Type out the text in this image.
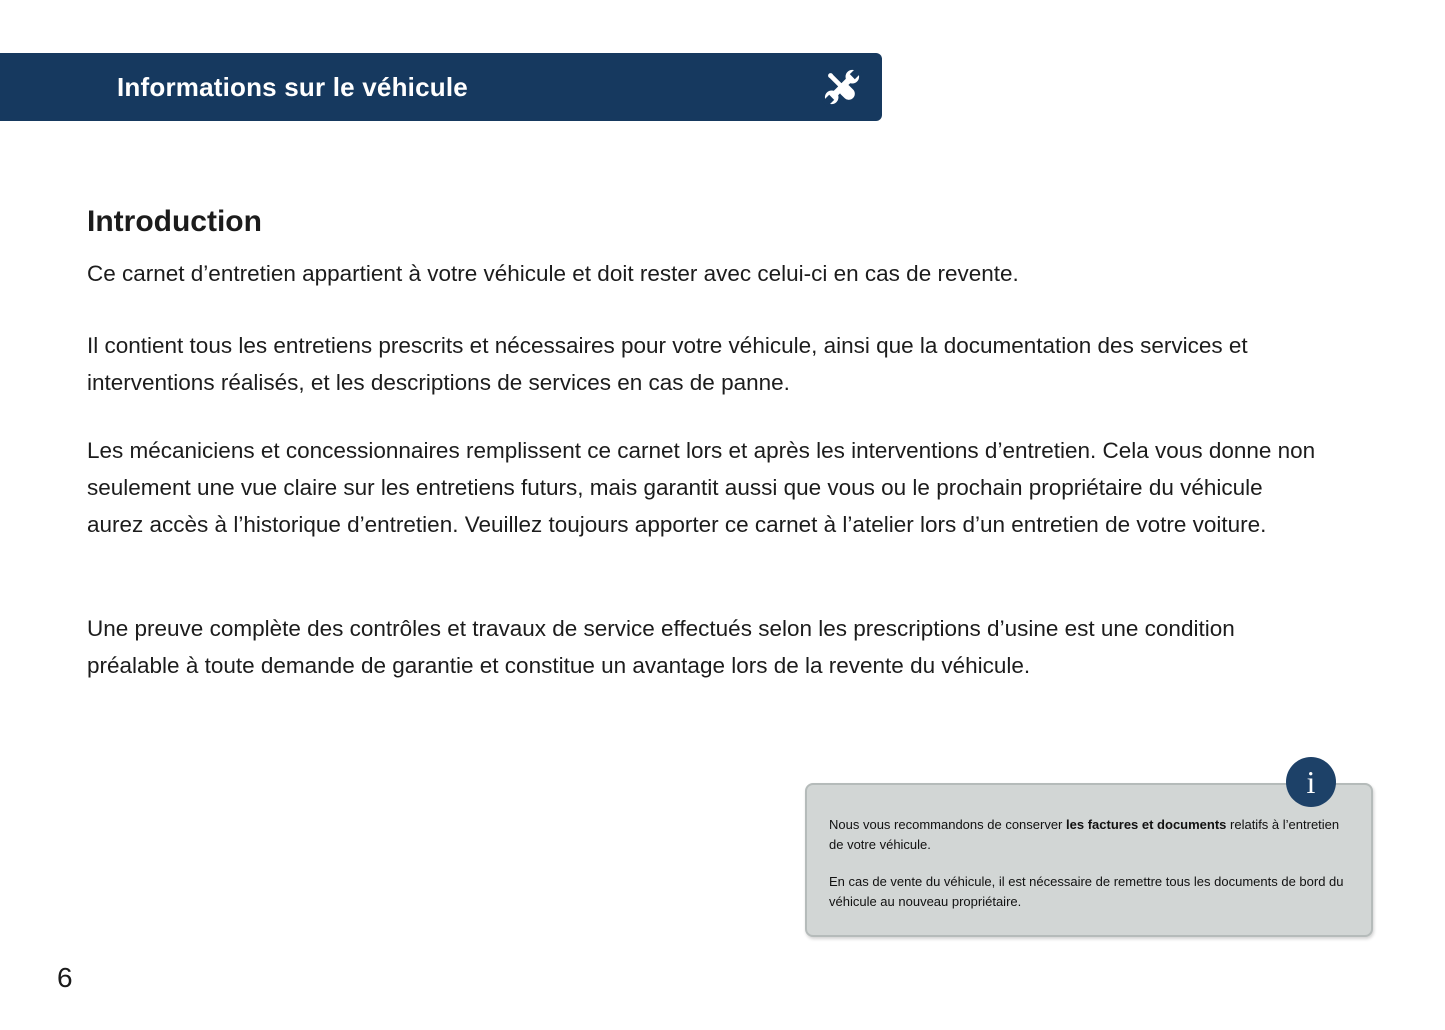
Informations sur le véhicule
Introduction

Ce carnet d’entretien appartient à votre véhicule et doit rester avec celui-ci en cas de revente.

Il contient tous les entretiens prescrits et nécessaires pour votre véhicule, ainsi que la documentation des services et interventions réalisés, et les descriptions de services en cas de panne.

Les mécaniciens et concessionnaires remplissent ce carnet lors et après les interventions d’entretien. Cela vous donne non seulement une vue claire sur les entretiens futurs, mais garantit aussi que vous ou le prochain propriétaire du véhicule aurez accès à l’historique d’entretien. Veuillez toujours apporter ce carnet à l’atelier lors d’un entretien de votre voiture.

Une preuve complète des contrôles et travaux de service effectués selon les prescriptions d’usine est une condition préalable à toute demande de garantie et constitue un avantage lors de la revente du véhicule.

Nous vous recommandons de conserver les factures et documents relatifs à l’entretien de votre véhicule.

En cas de vente du véhicule, il est nécessaire de remettre tous les documents de bord du véhicule au nouveau propriétaire.

i
6
